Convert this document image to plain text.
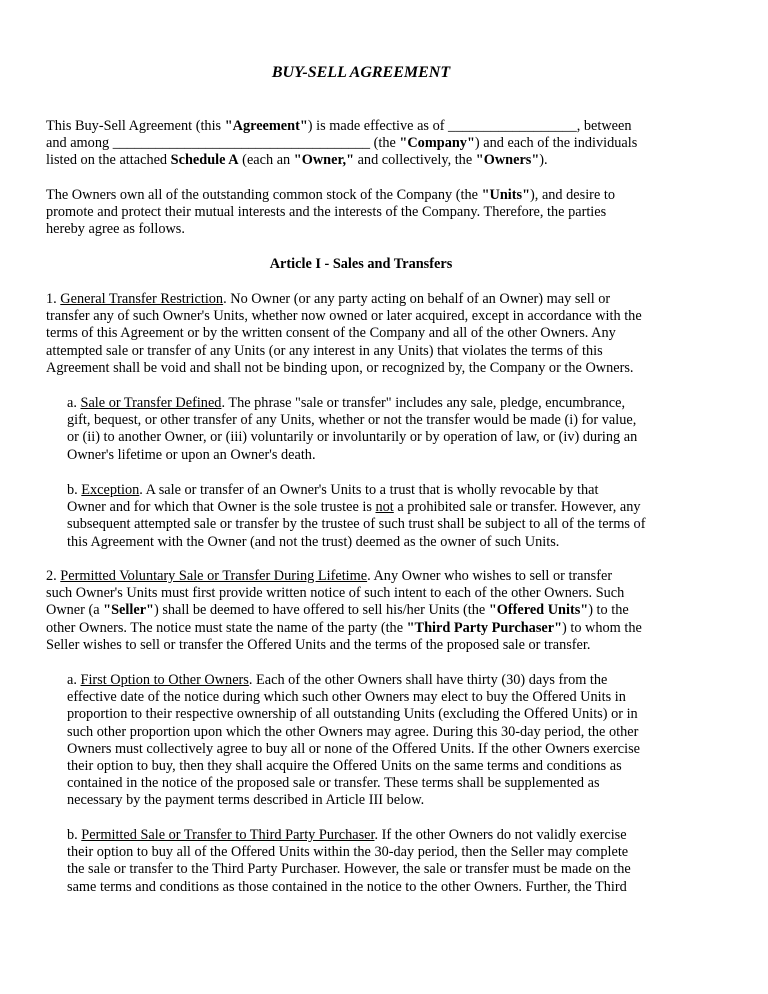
BUY-SELL AGREEMENT
This Buy-Sell Agreement (this "Agreement") is made effective as of __________________, between
and among ____________________________________ (the "Company") and each of the individuals
listed on the attached Schedule A (each an "Owner," and collectively, the "Owners").
The Owners own all of the outstanding common stock of the Company (the "Units"), and desire to
promote and protect their mutual interests and the interests of the Company. Therefore, the parties
hereby agree as follows.
Article I - Sales and Transfers
1. General Transfer Restriction. No Owner (or any party acting on behalf of an Owner) may sell or
transfer any of such Owner's Units, whether now owned or later acquired, except in accordance with the
terms of this Agreement or by the written consent of the Company and all of the other Owners. Any
attempted sale or transfer of any Units (or any interest in any Units) that violates the terms of this
Agreement shall be void and shall not be binding upon, or recognized by, the Company or the Owners.
a. Sale or Transfer Defined. The phrase "sale or transfer" includes any sale, pledge, encumbrance,
gift, bequest, or other transfer of any Units, whether or not the transfer would be made (i) for value,
or (ii) to another Owner, or (iii) voluntarily or involuntarily or by operation of law, or (iv) during an
Owner's lifetime or upon an Owner's death.
b. Exception. A sale or transfer of an Owner's Units to a trust that is wholly revocable by that
Owner and for which that Owner is the sole trustee is not a prohibited sale or transfer. However, any
subsequent attempted sale or transfer by the trustee of such trust shall be subject to all of the terms of
this Agreement with the Owner (and not the trust) deemed as the owner of such Units.
2. Permitted Voluntary Sale or Transfer During Lifetime. Any Owner who wishes to sell or transfer
such Owner's Units must first provide written notice of such intent to each of the other Owners. Such
Owner (a "Seller") shall be deemed to have offered to sell his/her Units (the "Offered Units") to the
other Owners. The notice must state the name of the party (the "Third Party Purchaser") to whom the
Seller wishes to sell or transfer the Offered Units and the terms of the proposed sale or transfer.
a. First Option to Other Owners. Each of the other Owners shall have thirty (30) days from the
effective date of the notice during which such other Owners may elect to buy the Offered Units in
proportion to their respective ownership of all outstanding Units (excluding the Offered Units) or in
such other proportion upon which the other Owners may agree. During this 30-day period, the other
Owners must collectively agree to buy all or none of the Offered Units. If the other Owners exercise
their option to buy, then they shall acquire the Offered Units on the same terms and conditions as
contained in the notice of the proposed sale or transfer. These terms shall be supplemented as
necessary by the payment terms described in Article III below.
b. Permitted Sale or Transfer to Third Party Purchaser. If the other Owners do not validly exercise
their option to buy all of the Offered Units within the 30-day period, then the Seller may complete
the sale or transfer to the Third Party Purchaser. However, the sale or transfer must be made on the
same terms and conditions as those contained in the notice to the other Owners. Further, the Third
